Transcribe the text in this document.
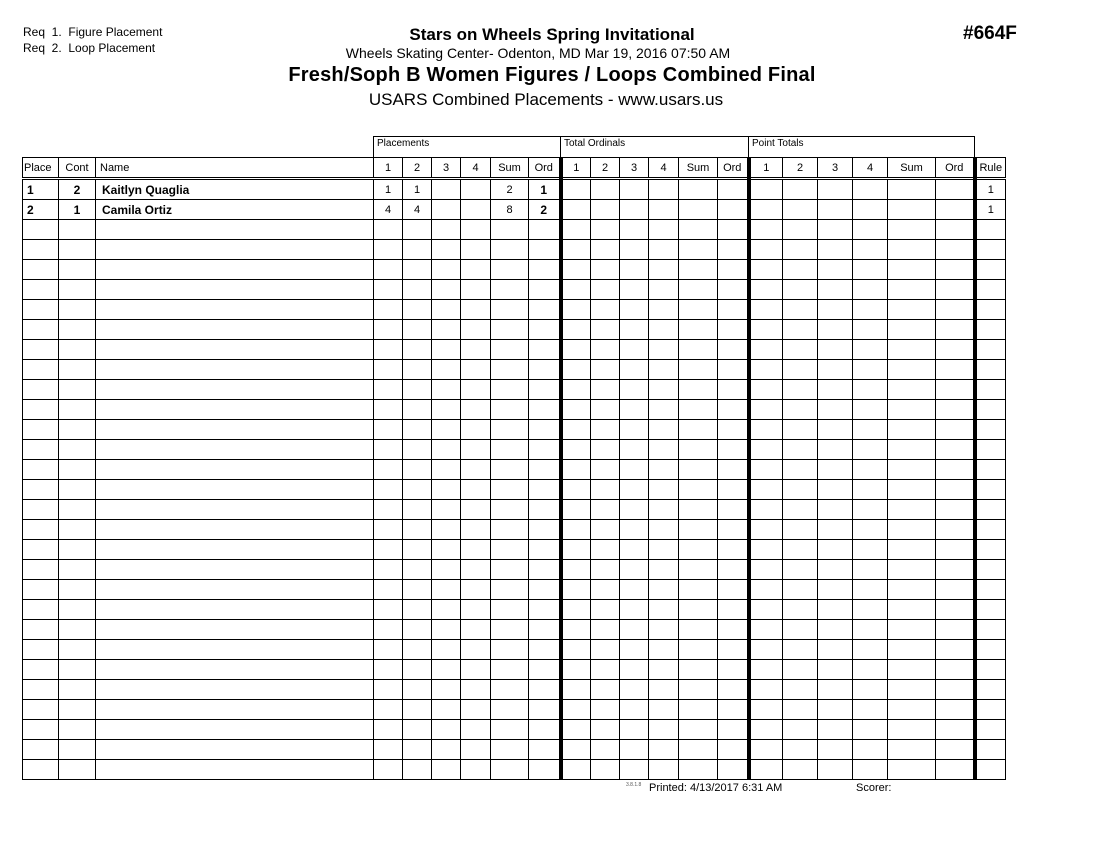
Req  1. Figure Placement
Req  2. Loop Placement
Stars on Wheels Spring Invitational
Wheels Skating Center- Odenton, MD Mar 19, 2016 07:50 AM
Fresh/Soph B Women Figures / Loops Combined Final
USARS Combined Placements - www.usars.us
#664F
Placements	Total Ordinals	Point Totals
Place	Cont	Name	1	2	3	4	Sum	Ord	1	2	3	4	Sum	Ord	1	2	3	4	Sum	Ord	Rule
1	2	Kaitlyn Quaglia	1	1			2	1													1
2	1	Camila Ortiz	4	4			8	2													1

3.8.1.8 Printed: 4/13/2017 6:31 AM	Scorer:
